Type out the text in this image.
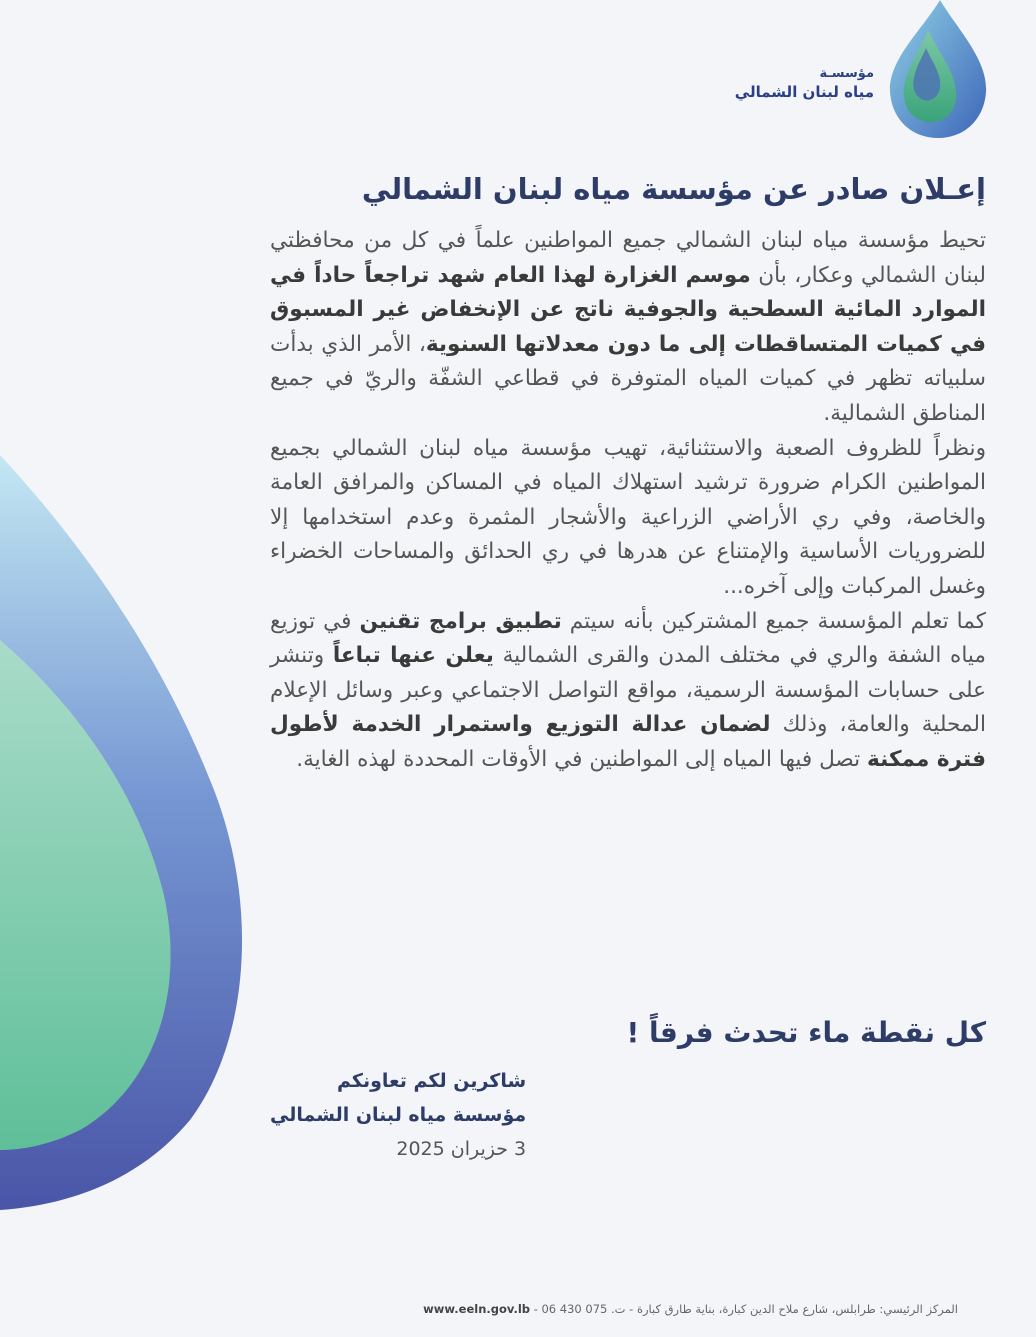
مؤسسـة
مياه لبنان الشمالي
إعـلان صادر عن مؤسسة مياه لبنان الشمالي

تحيط مؤسسة مياه لبنان الشمالي جميع المواطنين علماً في كل من محافظتي لبنان الشمالي وعكار، بأن موسم الغزارة لهذا العام شهد تراجعاً حاداً في الموارد المائية السطحية والجوفية ناتج عن الإنخفاض غير المسبوق في كميات المتساقطات إلى ما دون معدلاتها السنوية، الأمر الذي بدأت سلبياته تظهر في كميات المياه المتوفرة في قطاعي الشفّة والريّ في جميع المناطق الشمالية.

ونظراً للظروف الصعبة والاستثنائية، تهيب مؤسسة مياه لبنان الشمالي بجميع المواطنين الكرام ضرورة ترشيد استهلاك المياه في المساكن والمرافق العامة والخاصة، وفي ري الأراضي الزراعية والأشجار المثمرة وعدم استخدامها إلا للضروريات الأساسية والإمتناع عن هدرها في ري الحدائق والمساحات الخضراء وغسل المركبات وإلى آخره...

كما تعلم المؤسسة جميع المشتركين بأنه سيتم تطبيق برامج تقنين في توزيع مياه الشفة والري في مختلف المدن والقرى الشمالية يعلن عنها تباعاً وتنشر على حسابات المؤسسة الرسمية، مواقع التواصل الاجتماعي وعبر وسائل الإعلام المحلية والعامة، وذلك لضمان عدالة التوزيع واستمرار الخدمة لأطول فترة ممكنة تصل فيها المياه إلى المواطنين في الأوقات المحددة لهذه الغاية.

كل نقطة ماء تحدث فرقاً !
شاكرين لكم تعاونكم
مؤسسة مياه لبنان الشمالي
3 حزيران 2025
المركز الرئيسي: طرابلس، شارع ملاح الدين كبارة، بناية طارق كبارة - ت. 075 430 06 - www.eeln.gov.lb
